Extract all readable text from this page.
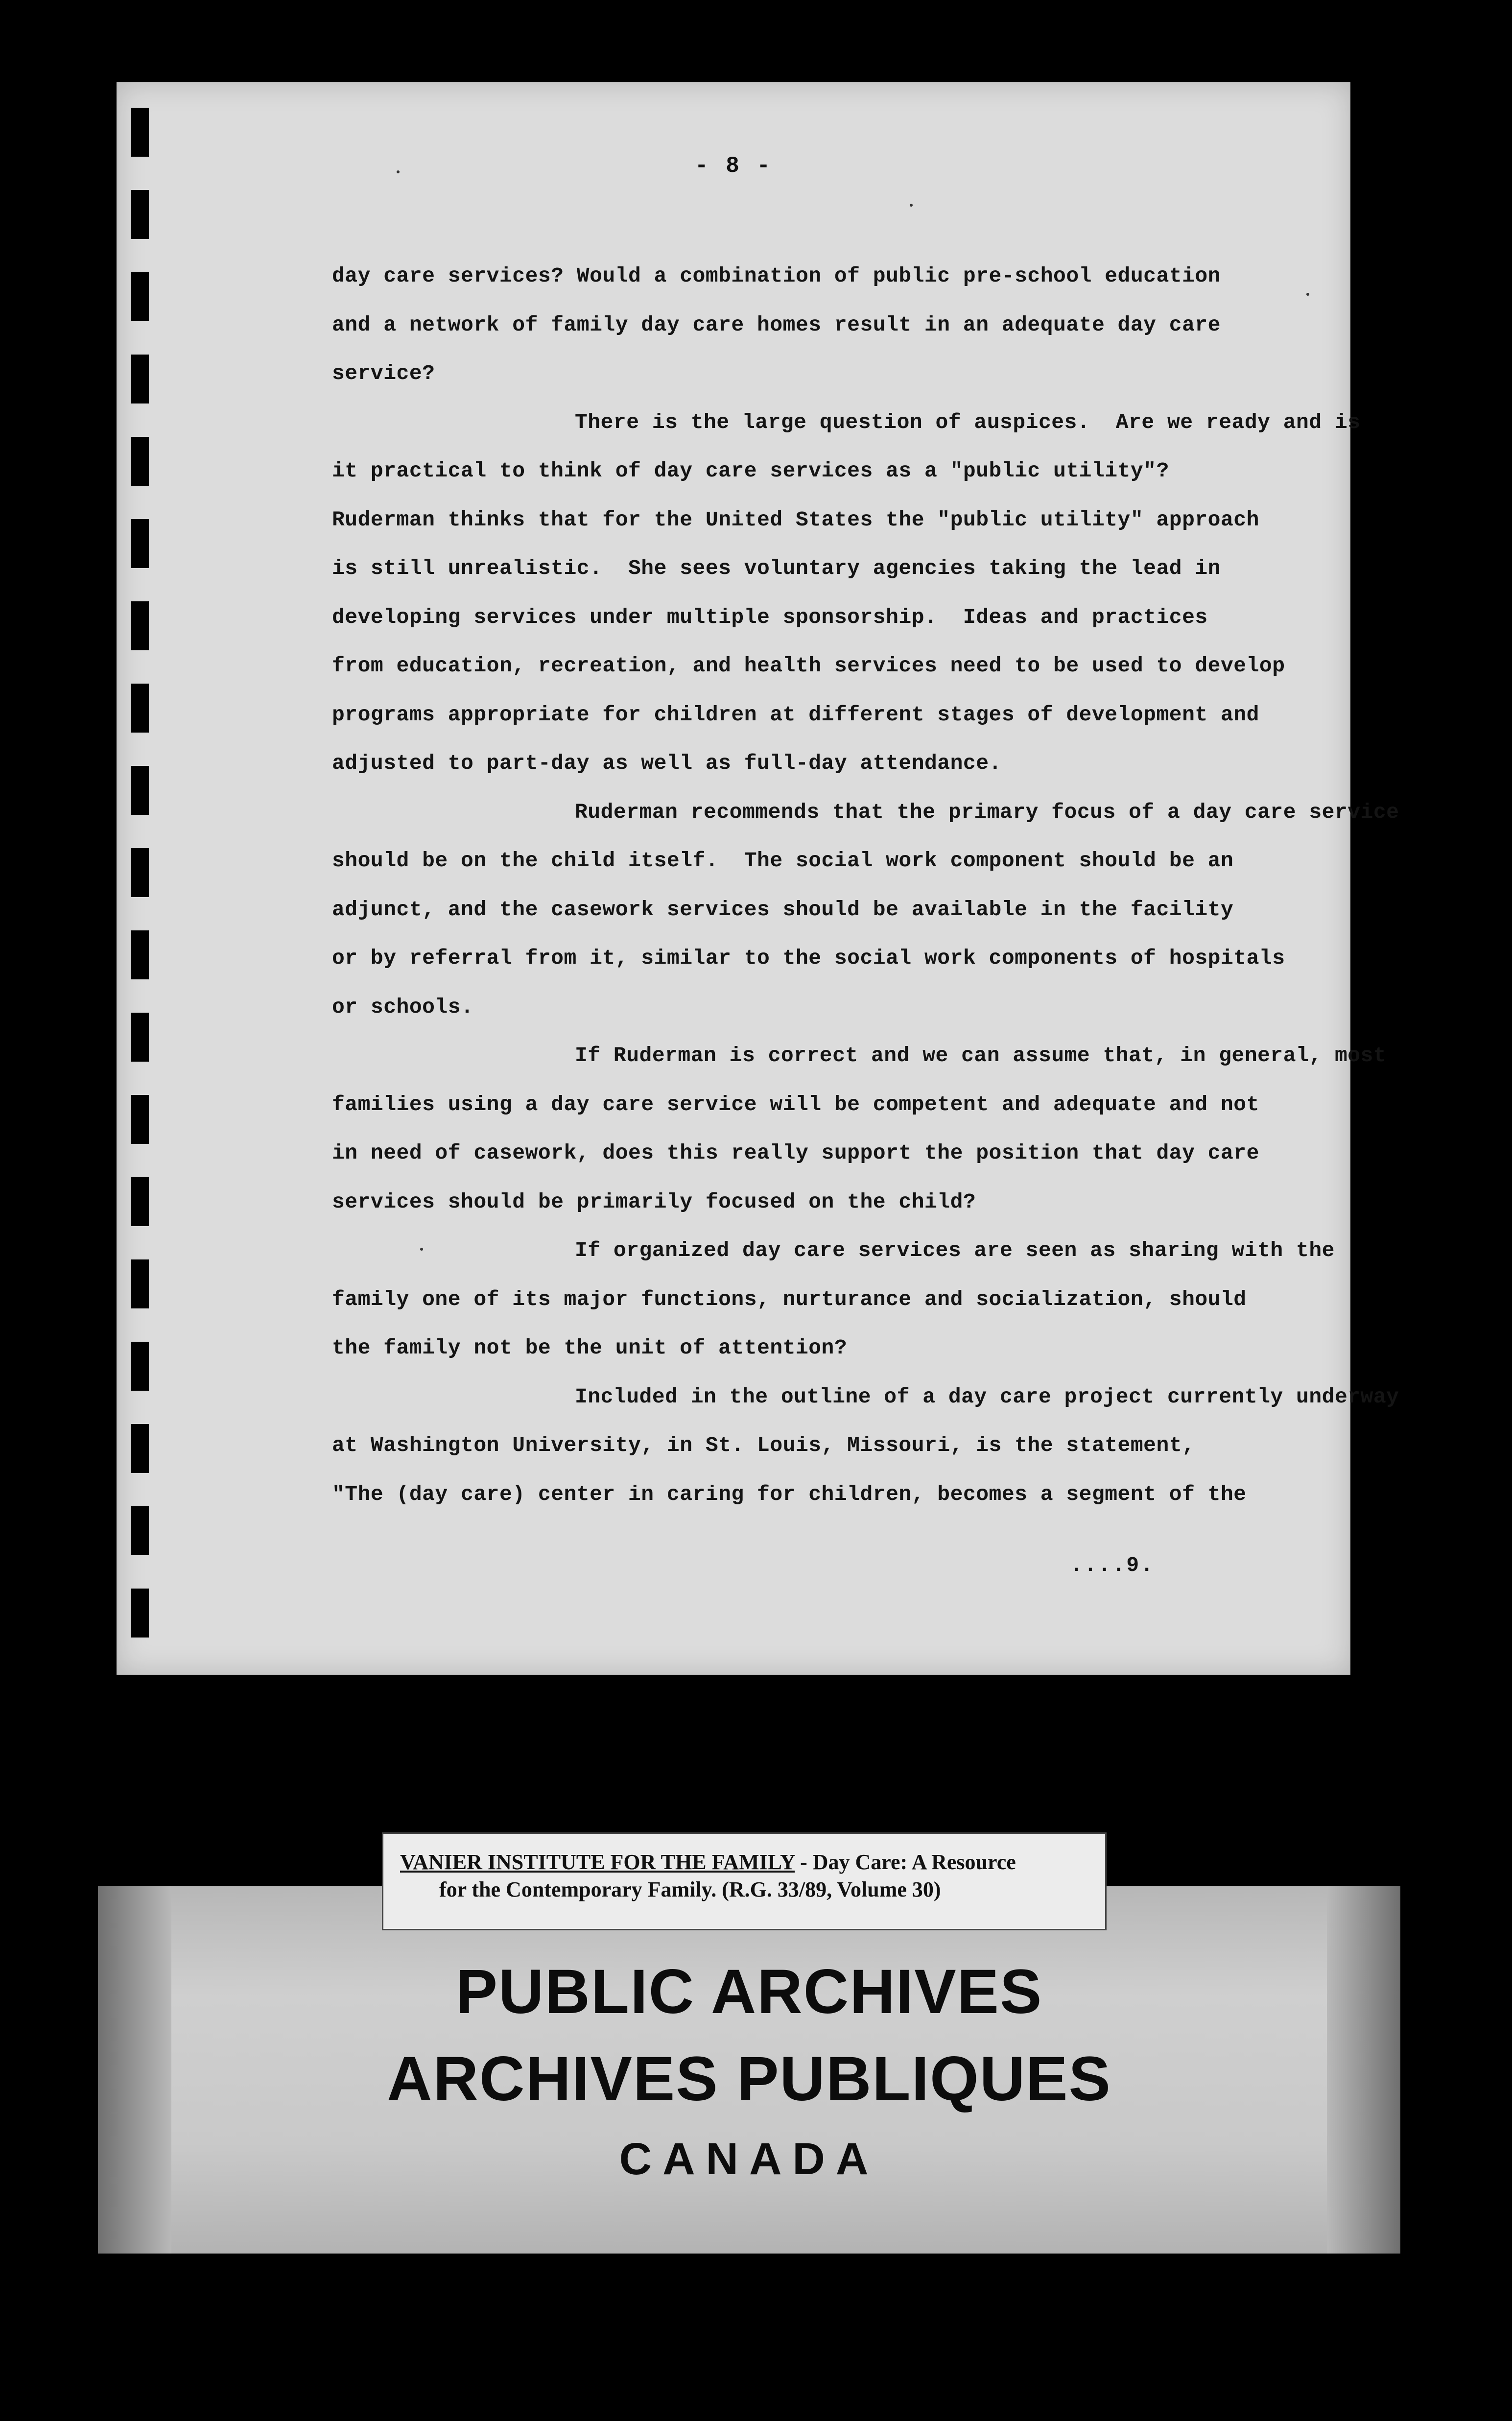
- 8 -
day care services? Would a combination of public pre-school education
and a network of family day care homes result in an adequate day care
service?
There is the large question of auspices.  Are we ready and is
it practical to think of day care services as a "public utility"?
Ruderman thinks that for the United States the "public utility" approach
is still unrealistic.  She sees voluntary agencies taking the lead in
developing services under multiple sponsorship.  Ideas and practices
from education, recreation, and health services need to be used to develop
programs appropriate for children at different stages of development and
adjusted to part-day as well as full-day attendance.
Ruderman recommends that the primary focus of a day care service
should be on the child itself.  The social work component should be an
adjunct, and the casework services should be available in the facility
or by referral from it, similar to the social work components of hospitals
or schools.
If Ruderman is correct and we can assume that, in general, most
families using a day care service will be competent and adequate and not
in need of casework, does this really support the position that day care
services should be primarily focused on the child?
If organized day care services are seen as sharing with the
family one of its major functions, nurturance and socialization, should
the family not be the unit of attention?
Included in the outline of a day care project currently underway
at Washington University, in St. Louis, Missouri, is the statement,
"The (day care) center in caring for children, becomes a segment of the
....9.
VANIER INSTITUTE FOR THE FAMILY - Day Care: A Resource
for the Contemporary Family. (R.G. 33/89, Volume 30)
PUBLIC ARCHIVES
ARCHIVES PUBLIQUES
CANADA
